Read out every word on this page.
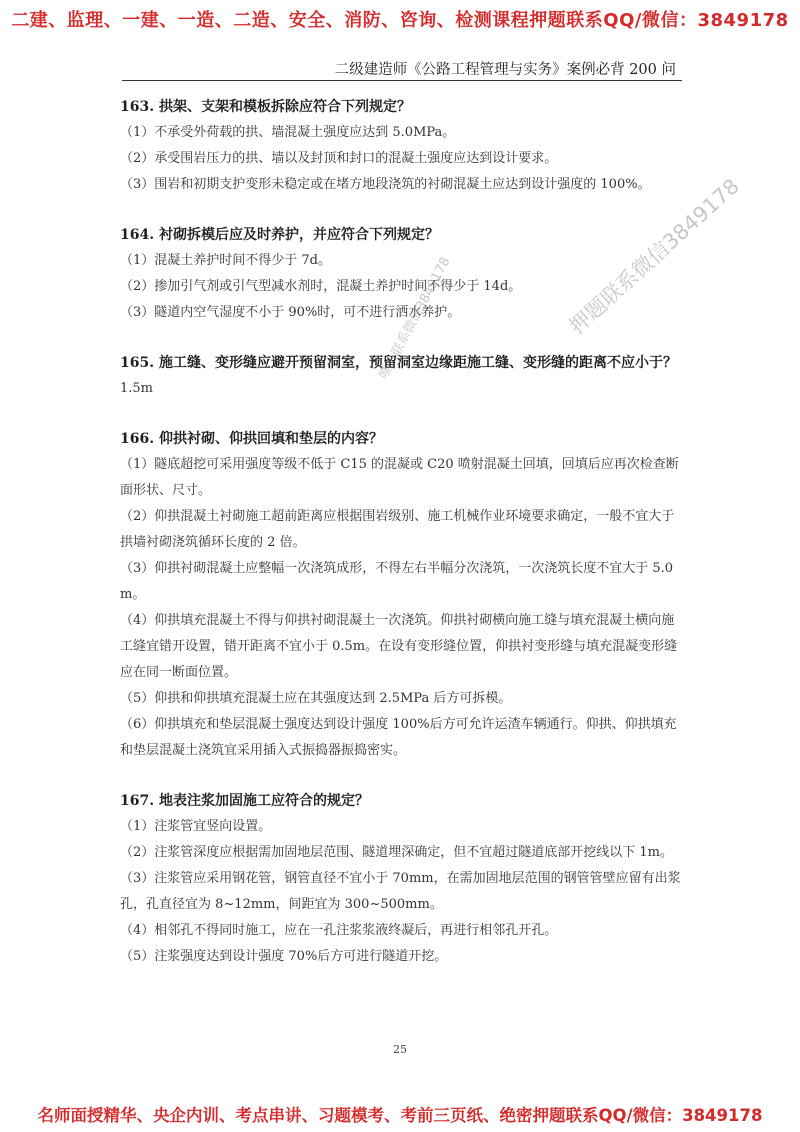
二建、监理、一建、一造、二造、安全、消防、咨询、检测课程押题联系QQ/微信：3849178
二级建造师《公路工程管理与实务》案例必背 200 问

163. 拱架、支架和模板拆除应符合下列规定？

（1）不承受外荷载的拱、墙混凝土强度应达到 5.0MPa。

（2）承受围岩压力的拱、墙以及封顶和封口的混凝土强度应达到设计要求。

（3）围岩和初期支护变形未稳定或在堵方地段浇筑的衬砌混凝土应达到设计强度的 100%。

164. 衬砌拆模后应及时养护，并应符合下列规定？

（1）混凝土养护时间不得少于 7d。

（2）掺加引气剂或引气型减水剂时，混凝土养护时间不得少于 14d。

（3）隧道内空气湿度不小于 90%时，可不进行洒水养护。

165. 施工缝、变形缝应避开预留洞室，预留洞室边缘距施工缝、变形缝的距离不应小于？

1.5m

166. 仰拱衬砌、仰拱回填和垫层的内容？

（1）隧底超挖可采用强度等级不低于 C15 的混凝或 C20 喷射混凝土回填，回填后应再次检查断面形状、尺寸。

（2）仰拱混凝土衬砌施工超前距离应根据围岩级别、施工机械作业环境要求确定，一般不宜大于拱墙衬砌浇筑循环长度的 2 倍。

（3）仰拱衬砌混凝土应整幅一次浇筑成形，不得左右半幅分次浇筑，一次浇筑长度不宜大于 5.0m。

（4）仰拱填充混凝土不得与仰拱衬砌混凝土一次浇筑。仰拱衬砌横向施工缝与填充混凝土横向施工缝宜错开设置，错开距离不宜小于 0.5m。在设有变形缝位置，仰拱衬变形缝与填充混凝变形缝应在同一断面位置。

（5）仰拱和仰拱填充混凝土应在其强度达到 2.5MPa 后方可拆模。

（6）仰拱填充和垫层混凝土强度达到设计强度 100%后方可允许运渣车辆通行。仰拱、仰拱填充和垫层混凝土浇筑宜采用插入式振捣器振捣密实。

167. 地表注浆加固施工应符合的规定？

（1）注浆管宜竖向设置。

（2）注浆管深度应根据需加固地层范围、隧道埋深确定，但不宜超过隧道底部开挖线以下 1m。

（3）注浆管应采用钢花管，钢管直径不宜小于 70mm，在需加固地层范围的钢管管壁应留有出浆孔，孔直径宜为 8~12mm，间距宜为 300~500mm。

（4）相邻孔不得同时施工，应在一孔注浆浆液终凝后，再进行相邻孔开孔。

（5）注浆强度达到设计强度 70%后方可进行隧道开挖。

押题联系微信3849178
唯一联系微信3849178
25
名师面授精华、央企内训、考点串讲、习题模考、考前三页纸、绝密押题联系QQ/微信：3849178
